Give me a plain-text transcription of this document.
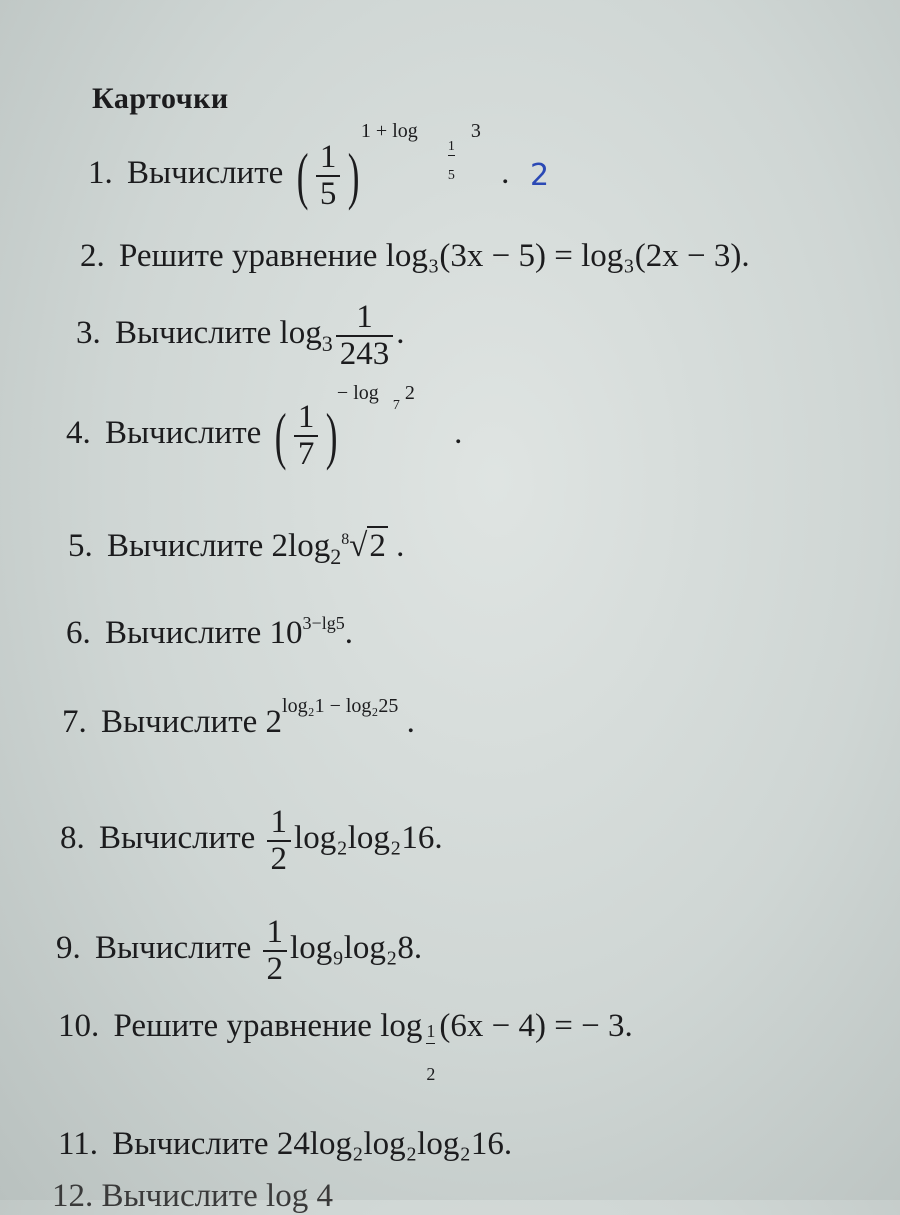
Карточки
1. Вычислите ( $\frac{1}{5}$ )
1 + log
1
5
3
. 2
2. Решите уравнение log₃(3x − 5) = log₃(2x − 3).
3. Вычислите $\log_3 \frac{1}{243}$ .
4. Вычислите ( $\frac{1}{7}$ )
− log
7
2
.
5. Вычислите $2\log_2^8√2$ .
6. Вычислите $10^{3-lg5}$.
7. Вычислите $2^{log_21 - log_225}$ .
8. Вычислите $\frac{1}{2} \log_2\log_216$.
9. Вычислите $\frac{1}{2} \log_9\log_28$.
10. Решите уравнение $\log \frac{1}{2} (6x - 4)$ = − 3.
11. Вычислите 24log₂log₂log₂16.
12. Вычислите log 4
